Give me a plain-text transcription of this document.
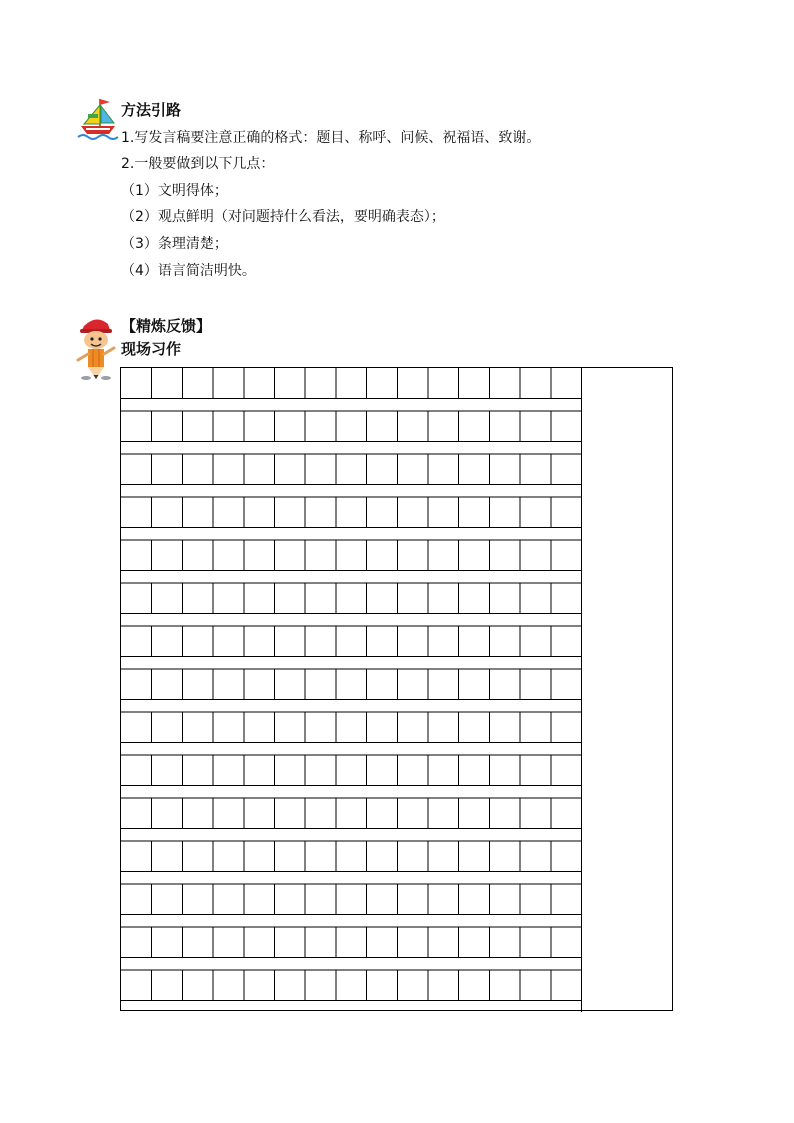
方法引路
1.写发言稿要注意正确的格式：题目、称呼、问候、祝福语、致谢。
2.一般要做到以下几点：
（1）文明得体；
（2）观点鲜明（对问题持什么看法，要明确表态）；
（3）条理清楚；
（4）语言简洁明快。
【精炼反馈】
现场习作
